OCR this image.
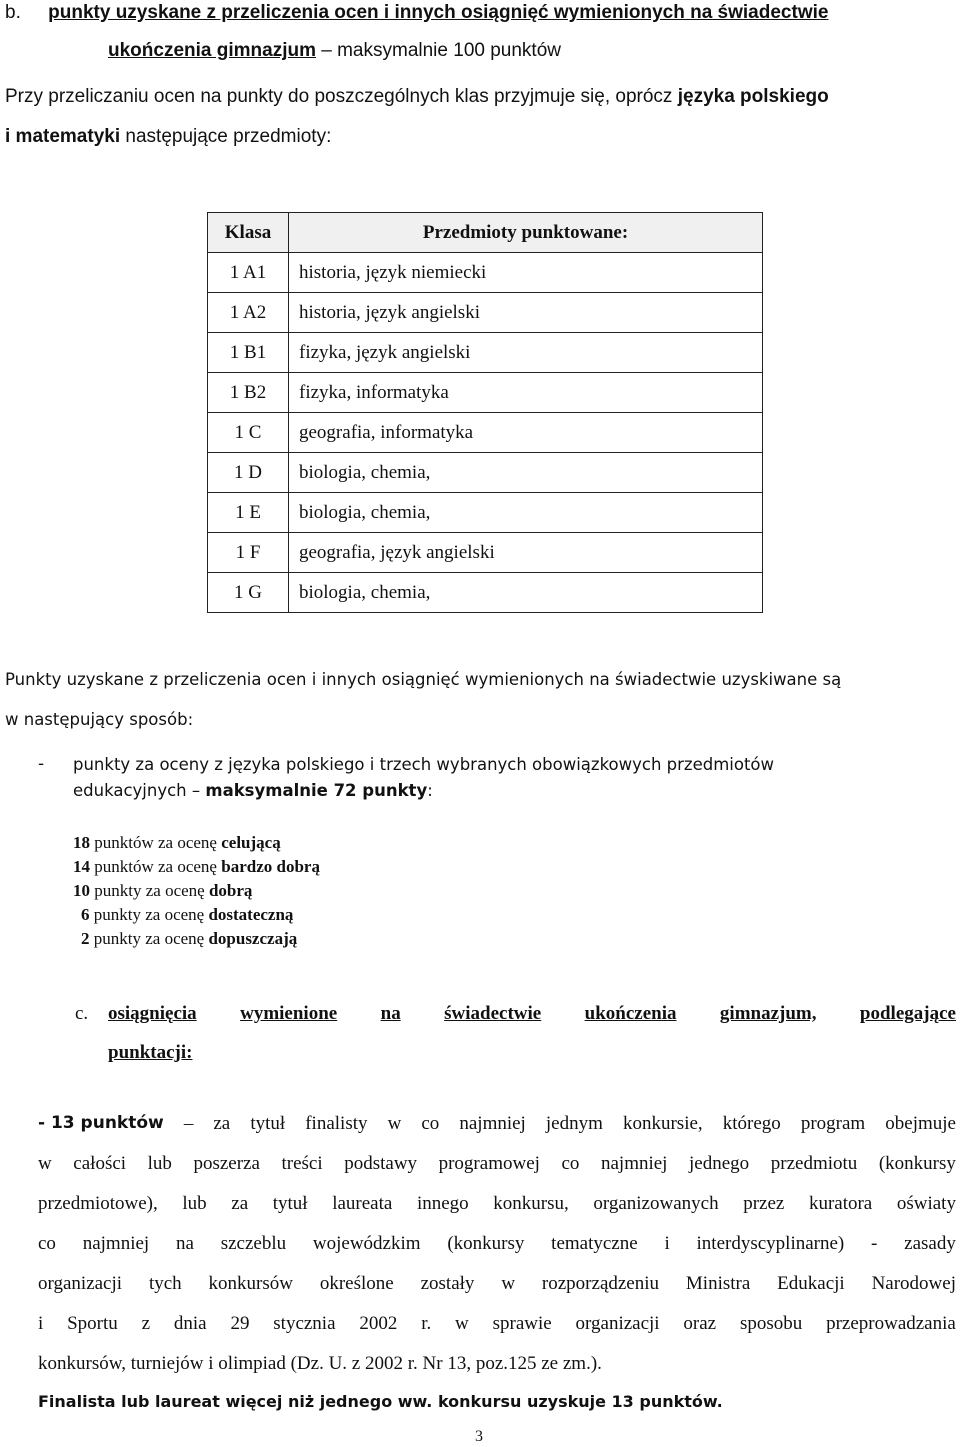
b. punkty uzyskane z przeliczenia ocen i innych osiągnięć wymienionych na świadectwie
ukończenia gimnazjum – maksymalnie 100 punktów
Przy przeliczaniu ocen na punkty do poszczególnych klas przyjmuje się, oprócz języka polskiego
i matematyki następujące przedmioty:
Klasa	Przedmioty punktowane:
1 A1	historia, język niemiecki
1 A2	historia, język angielski
1 B1	fizyka, język angielski
1 B2	fizyka, informatyka
1 C	geografia, informatyka
1 D	biologia, chemia,
1 E	biologia, chemia,
1 F	geografia, język angielski
1 G	biologia, chemia,
Punkty uzyskane z przeliczenia ocen i innych osiągnięć wymienionych na świadectwie uzyskiwane są
w następujący sposób:
- punkty za oceny z języka polskiego i trzech wybranych obowiązkowych przedmiotów
edukacyjnych – maksymalnie 72 punkty:
18 punktów za ocenę celującą
14 punktów za ocenę bardzo dobrą
10 punkty za ocenę dobrą
6 punkty za ocenę dostateczną
2 punkty za ocenę dopuszczają
c. osiągnięcia wymienione na świadectwie ukończenia gimnazjum, podlegające
punktacji:
- 13 punktów – za tytuł finalisty w co najmniej jednym konkursie, którego program obejmuje
w całości lub poszerza treści podstawy programowej co najmniej jednego przedmiotu (konkursy
przedmiotowe), lub za tytuł laureata innego konkursu, organizowanych przez kuratora oświaty
co najmniej na szczeblu wojewódzkim (konkursy tematyczne i interdyscyplinarne) - zasady
organizacji tych konkursów określone zostały w rozporządzeniu Ministra Edukacji Narodowej
i Sportu z dnia 29 stycznia 2002 r. w sprawie organizacji oraz sposobu przeprowadzania
konkursów, turniejów i olimpiad (Dz. U. z 2002 r. Nr 13, poz.125 ze zm.).
Finalista lub laureat więcej niż jednego ww. konkursu uzyskuje 13 punktów.
3
